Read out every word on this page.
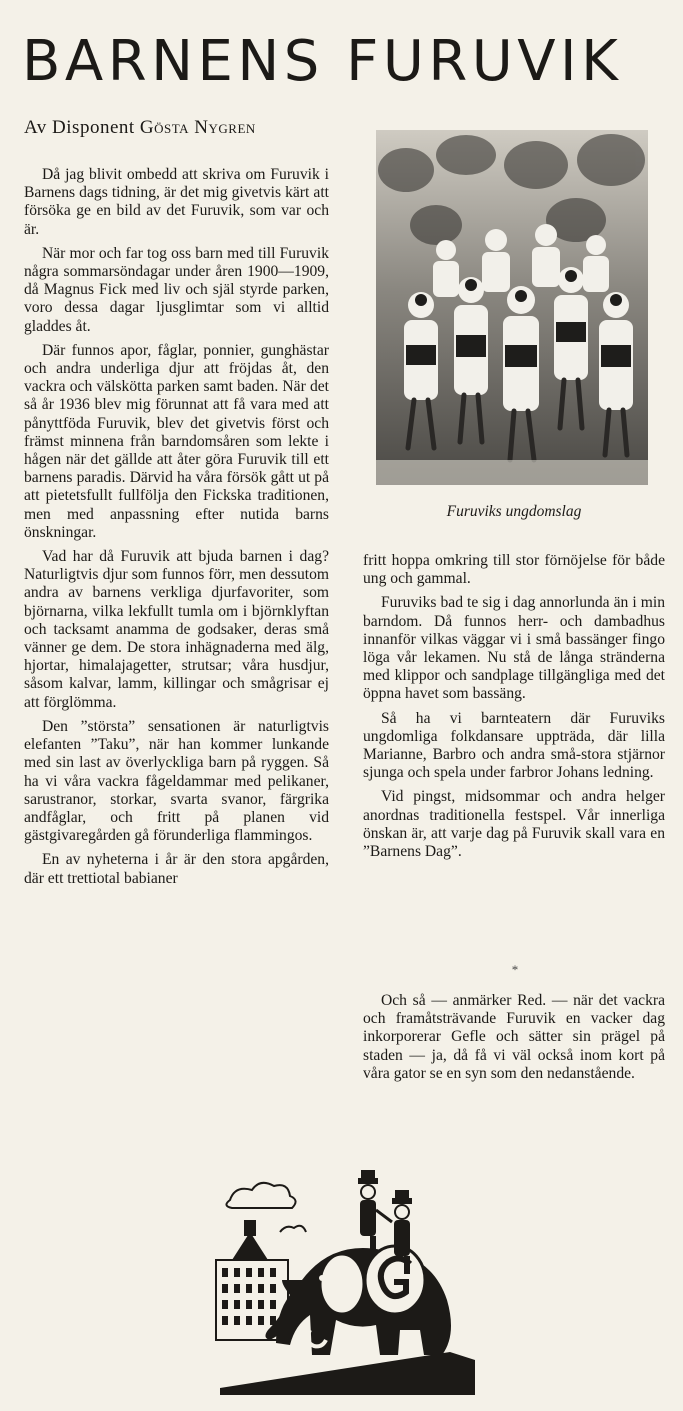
BARNENS FURUVIK
Av Disponent Gösta Nygren

Då jag blivit ombedd att skriva om Furuvik i Barnens dags tidning, är det mig givetvis kärt att försöka ge en bild av det Furuvik, som var och är.

När mor och far tog oss barn med till Furuvik några sommarsöndagar under åren 1900—1909, då Magnus Fick med liv och själ styrde parken, voro dessa dagar ljusglimtar som vi alltid gladdes åt.

Där funnos apor, fåglar, ponnier, gunghästar och andra underliga djur att fröjdas åt, den vackra och välskötta parken samt baden. När det så år 1936 blev mig förunnat att få vara med att pånyttföda Furuvik, blev det givetvis först och främst minnena från barndomsåren som lekte i hågen när det gällde att åter göra Furuvik till ett barnens paradis. Därvid ha våra försök gått ut på att pietetsfullt fullfölja den Fickska traditionen, men med anpassning efter nutida barns önskningar.

Vad har då Furuvik att bjuda barnen i dag? Naturligtvis djur som funnos förr, men dessutom andra av barnens verkliga djurfavoriter, som björnarna, vilka lekfullt tumla om i björnklyftan och tacksamt anamma de godsaker, deras små vänner ge dem. De stora inhägnaderna med älg, hjortar, himalajagetter, strutsar; våra husdjur, såsom kalvar, lamm, killingar och smågrisar ej att förglömma.

Den ”största” sensationen är naturligtvis elefanten ”Taku”, när han kommer lunkande med sin last av överlyckliga barn på ryggen. Så ha vi våra vackra fågeldammar med pelikaner, sarustranor, storkar, svarta svanor, färgrika andfåglar, och fritt på planen vid gästgivaregården gå förunderliga flammingos.

En av nyheterna i år är den stora apgården, där ett trettiotal babianer

Furuviks ungdomslag

fritt hoppa omkring till stor förnöjelse för både ung och gammal.

Furuviks bad te sig i dag annorlunda än i min barndom. Då funnos herr- och dambadhus innanför vilkas väggar vi i små bassänger fingo löga vår lekamen. Nu stå de långa stränderna med klippor och sandplage tillgängliga med det öppna havet som bassäng.

Så ha vi barnteatern där Furuviks ungdomliga folkdansare uppträda, där lilla Marianne, Barbro och andra små-stora stjärnor sjunga och spela under farbror Johans ledning.

Vid pingst, midsommar och andra helger anordnas traditionella festspel. Vår innerliga önskan är, att varje dag på Furuvik skall vara en ”Barnens Dag”.

*

Och så — anmärker Red. — när det vackra och framåtsträvande Furuvik en vacker dag inkorporerar Gefle och sätter sin prägel på staden — ja, då få vi väl också inom kort på våra gator se en syn som den nedanstående.
